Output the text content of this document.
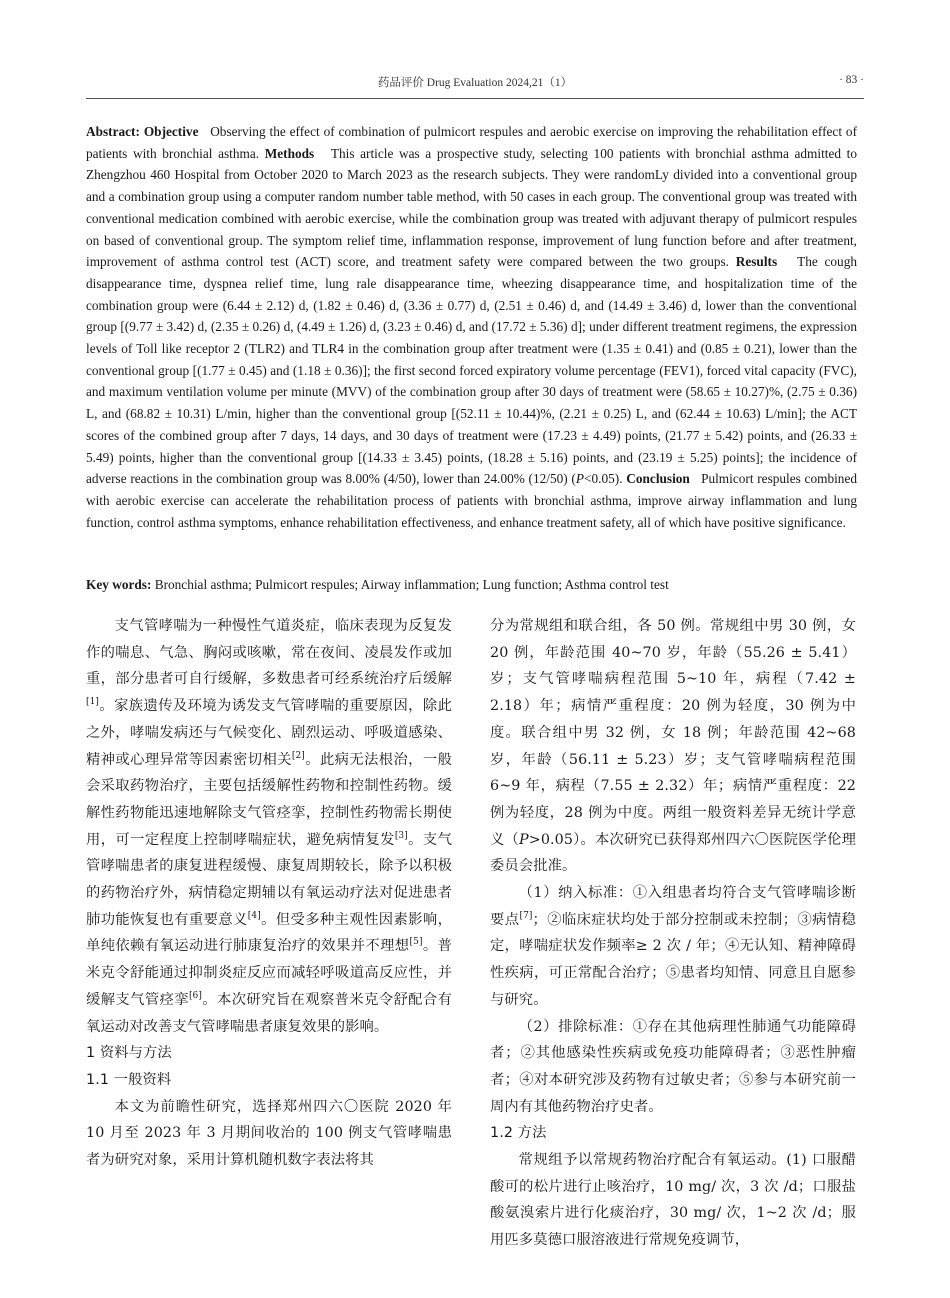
药品评价 Drug Evaluation 2024,21（1）	· 83 ·
Abstract: Objective Observing the effect of combination of pulmicort respules and aerobic exercise on improving the rehabilitation effect of patients with bronchial asthma. Methods This article was a prospective study, selecting 100 patients with bronchial asthma admitted to Zhengzhou 460 Hospital from October 2020 to March 2023 as the research subjects. They were randomLy divided into a conventional group and a combination group using a computer random number table method, with 50 cases in each group. The conventional group was treated with conventional medication combined with aerobic exercise, while the combination group was treated with adjuvant therapy of pulmicort respules on based of conventional group. The symptom relief time, inflammation response, improvement of lung function before and after treatment, improvement of asthma control test (ACT) score, and treatment safety were compared between the two groups. Results The cough disappearance time, dyspnea relief time, lung rale disappearance time, wheezing disappearance time, and hospitalization time of the combination group were (6.44 ± 2.12) d, (1.82 ± 0.46) d, (3.36 ± 0.77) d, (2.51 ± 0.46) d, and (14.49 ± 3.46) d, lower than the conventional group [(9.77 ± 3.42) d, (2.35 ± 0.26) d, (4.49 ± 1.26) d, (3.23 ± 0.46) d, and (17.72 ± 5.36) d]; under different treatment regimens, the expression levels of Toll like receptor 2 (TLR2) and TLR4 in the combination group after treatment were (1.35 ± 0.41) and (0.85 ± 0.21), lower than the conventional group [(1.77 ± 0.45) and (1.18 ± 0.36)]; the first second forced expiratory volume percentage (FEV1), forced vital capacity (FVC), and maximum ventilation volume per minute (MVV) of the combination group after 30 days of treatment were (58.65 ± 10.27)%, (2.75 ± 0.36) L, and (68.82 ± 10.31) L/min, higher than the conventional group [(52.11 ± 10.44)%, (2.21 ± 0.25) L, and (62.44 ± 10.63) L/min]; the ACT scores of the combined group after 7 days, 14 days, and 30 days of treatment were (17.23 ± 4.49) points, (21.77 ± 5.42) points, and (26.33 ± 5.49) points, higher than the conventional group [(14.33 ± 3.45) points, (18.28 ± 5.16) points, and (23.19 ± 5.25) points]; the incidence of adverse reactions in the combination group was 8.00% (4/50), lower than 24.00% (12/50) (P<0.05). Conclusion Pulmicort respules combined with aerobic exercise can accelerate the rehabilitation process of patients with bronchial asthma, improve airway inflammation and lung function, control asthma symptoms, enhance rehabilitation effectiveness, and enhance treatment safety, all of which have positive significance.
Key words: Bronchial asthma; Pulmicort respules; Airway inflammation; Lung function; Asthma control test

支气管哮喘为一种慢性气道炎症，临床表现为反复发作的喘息、气急、胸闷或咳嗽，常在夜间、凌晨发作或加重，部分患者可自行缓解，多数患者可经系统治疗后缓解[1]。家族遗传及环境为诱发支气管哮喘的重要原因，除此之外，哮喘发病还与气候变化、剧烈运动、呼吸道感染、精神或心理异常等因素密切相关[2]。此病无法根治，一般会采取药物治疗，主要包括缓解性药物和控制性药物。缓解性药物能迅速地解除支气管痉挛，控制性药物需长期使用，可一定程度上控制哮喘症状，避免病情复发[3]。支气管哮喘患者的康复进程缓慢、康复周期较长，除予以积极的药物治疗外，病情稳定期辅以有氧运动疗法对促进患者肺功能恢复也有重要意义[4]。但受多种主观性因素影响，单纯依赖有氧运动进行肺康复治疗的效果并不理想[5]。普米克令舒能通过抑制炎症反应而减轻呼吸道高反应性，并缓解支气管痉挛[6]。本次研究旨在观察普米克令舒配合有氧运动对改善支气管哮喘患者康复效果的影响。

1 资料与方法
1.1 一般资料

本文为前瞻性研究，选择郑州四六〇医院 2020 年 10 月至 2023 年 3 月期间收治的 100 例支气管哮喘患者为研究对象，采用计算机随机数字表法将其

分为常规组和联合组，各 50 例。常规组中男 30 例，女 20 例，年龄范围 40~70 岁，年龄（55.26 ± 5.41）岁；支气管哮喘病程范围 5~10 年，病程（7.42 ± 2.18）年；病情严重程度：20 例为轻度，30 例为中度。联合组中男 32 例，女 18 例；年龄范围 42~68 岁，年龄（56.11 ± 5.23）岁；支气管哮喘病程范围 6~9 年，病程（7.55 ± 2.32）年；病情严重程度：22 例为轻度，28 例为中度。两组一般资料差异无统计学意义（P>0.05）。本次研究已获得郑州四六〇医院医学伦理委员会批准。

（1）纳入标准：①入组患者均符合支气管哮喘诊断要点[7]；②临床症状均处于部分控制或未控制；③病情稳定，哮喘症状发作频率≥ 2 次 / 年；④无认知、精神障碍性疾病，可正常配合治疗；⑤患者均知情、同意且自愿参与研究。

（2）排除标准：①存在其他病理性肺通气功能障碍者；②其他感染性疾病或免疫功能障碍者；③恶性肿瘤者；④对本研究涉及药物有过敏史者；⑤参与本研究前一周内有其他药物治疗史者。

1.2 方法

常规组予以常规药物治疗配合有氧运动。(1) 口服醋酸可的松片进行止咳治疗，10 mg/ 次，3 次 /d；口服盐酸氨溴索片进行化痰治疗，30 mg/ 次，1~2 次 /d；服用匹多莫德口服溶液进行常规免疫调节，
